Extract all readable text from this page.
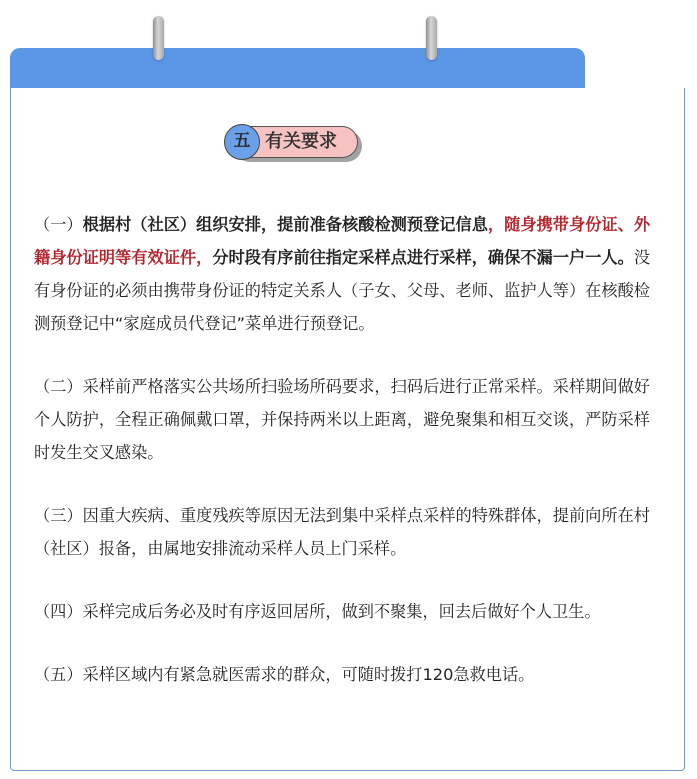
五 有关要求

（一）根据村（社区）组织安排，提前准备核酸检测预登记信息，随身携带身份证、外籍身份证明等有效证件，分时段有序前往指定采样点进行采样，确保不漏一户一人。没有身份证的必须由携带身份证的特定关系人（子女、父母、老师、监护人等）在核酸检测预登记中“家庭成员代登记”菜单进行预登记。

（二）采样前严格落实公共场所扫验场所码要求，扫码后进行正常采样。采样期间做好个人防护，全程正确佩戴口罩，并保持两米以上距离，避免聚集和相互交谈，严防采样时发生交叉感染。

（三）因重大疾病、重度残疾等原因无法到集中采样点采样的特殊群体，提前向所在村（社区）报备，由属地安排流动采样人员上门采样。

（四）采样完成后务必及时有序返回居所，做到不聚集，回去后做好个人卫生。

（五）采样区域内有紧急就医需求的群众，可随时拨打120急救电话。
